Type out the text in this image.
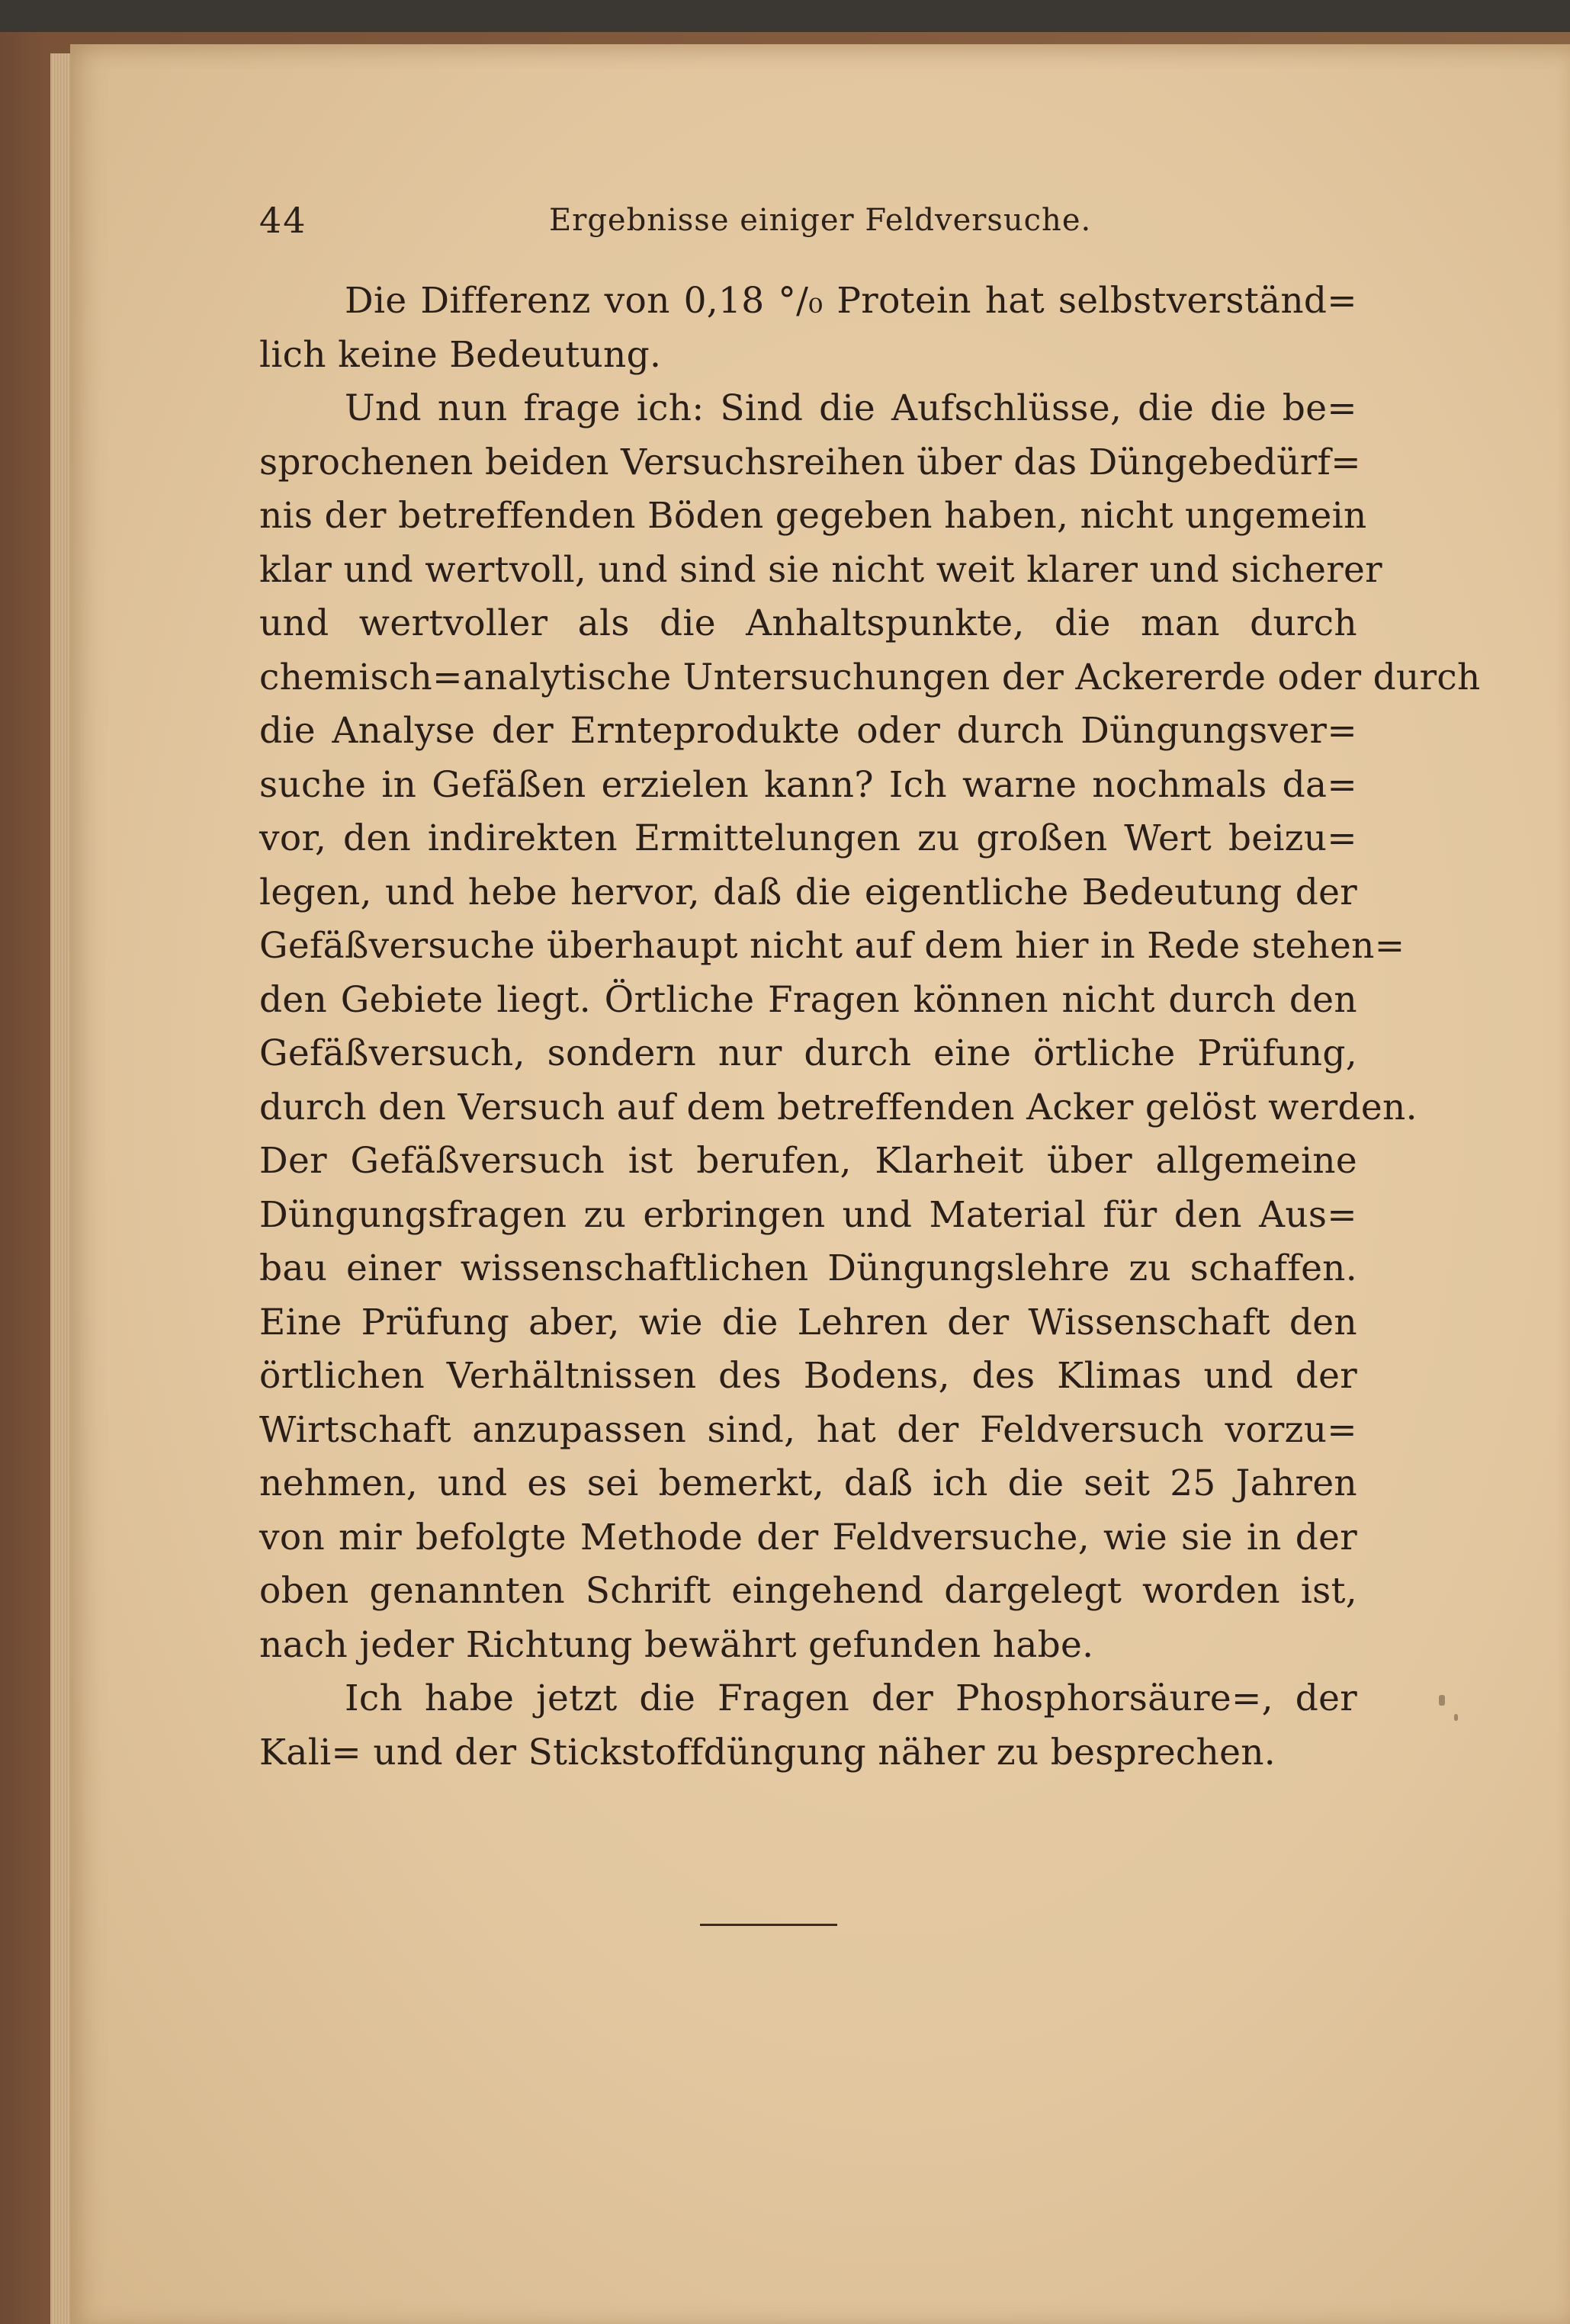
44	Ergebnisse einiger Feldversuche.
Die Differenz von 0,18 °/₀ Protein hat selbstverständ=
lich keine Bedeutung.
Und nun frage ich: Sind die Aufschlüsse, die die be=
sprochenen beiden Versuchsreihen über das Düngebedürf=
nis der betreffenden Böden gegeben haben, nicht ungemein
klar und wertvoll, und sind sie nicht weit klarer und sicherer
und wertvoller als die Anhaltspunkte, die man durch
chemisch=analytische Untersuchungen der Ackererde oder durch
die Analyse der Ernteprodukte oder durch Düngungsver=
suche in Gefäßen erzielen kann? Ich warne nochmals da=
vor, den indirekten Ermittelungen zu großen Wert beizu=
legen, und hebe hervor, daß die eigentliche Bedeutung der
Gefäßversuche überhaupt nicht auf dem hier in Rede stehen=
den Gebiete liegt. Örtliche Fragen können nicht durch den
Gefäßversuch, sondern nur durch eine örtliche Prüfung,
durch den Versuch auf dem betreffenden Acker gelöst werden.
Der Gefäßversuch ist berufen, Klarheit über allgemeine
Düngungsfragen zu erbringen und Material für den Aus=
bau einer wissenschaftlichen Düngungslehre zu schaffen.
Eine Prüfung aber, wie die Lehren der Wissenschaft den
örtlichen Verhältnissen des Bodens, des Klimas und der
Wirtschaft anzupassen sind, hat der Feldversuch vorzu=
nehmen, und es sei bemerkt, daß ich die seit 25 Jahren
von mir befolgte Methode der Feldversuche, wie sie in der
oben genannten Schrift eingehend dargelegt worden ist,
nach jeder Richtung bewährt gefunden habe.
Ich habe jetzt die Fragen der Phosphorsäure=, der
Kali= und der Stickstoffdüngung näher zu besprechen.
